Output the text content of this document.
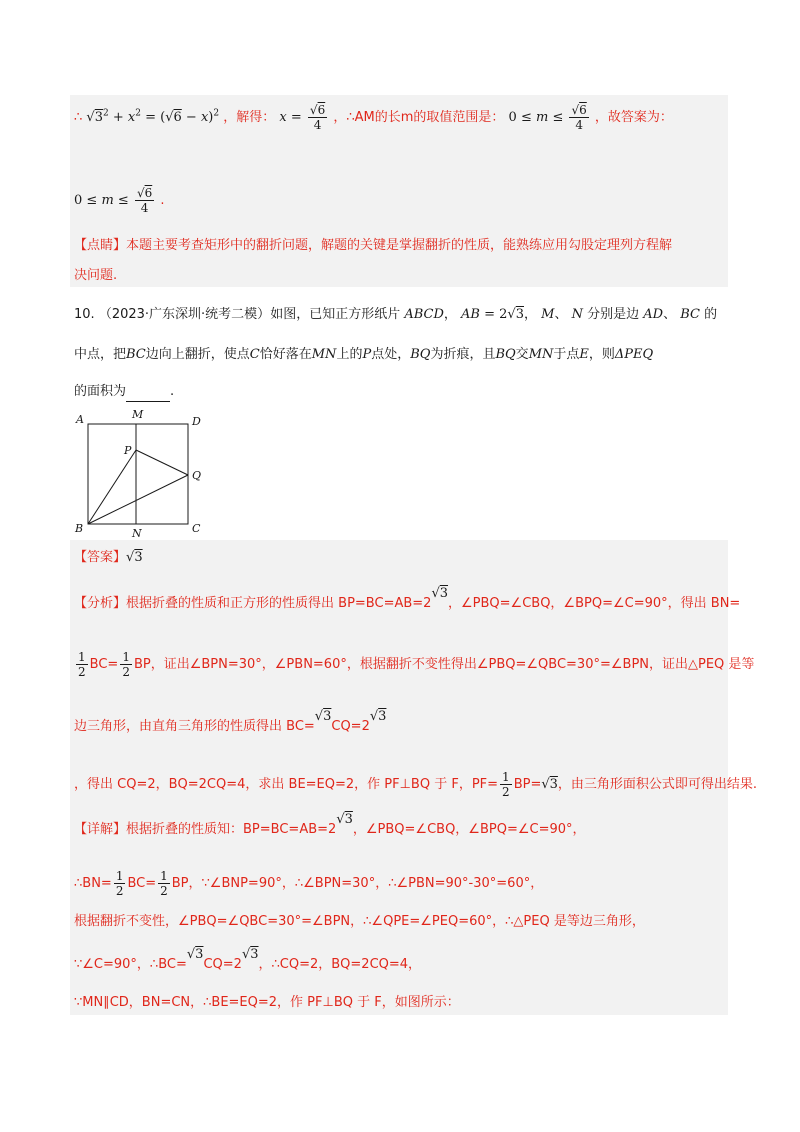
∴ $√3^2 + x^2 = (√6 - x)^2$ ，解得： $x = \frac{√6}{4}$ ，∴AM的长m的取值范围是： $0 \le m \le \frac{√6}{4}$ ，故答案为：
$0 \le m \le \frac{√6}{4}$ .
【点睛】本题主要考查矩形中的翻折问题，解题的关键是掌握翻折的性质，能熟练应用勾股定理列方程解
决问题.
10. （2023·广东深圳·统考二模）如图，已知正方形纸片 ABCD， AB = 2√3， M、 N 分别是边 AD、 BC 的
中点，把BC边向上翻折，使点C恰好落在MN上的P点处，BQ为折痕，且BQ交MN于点E，则ΔPEQ
的面积为	.
A	M
D
P
Q
B	N	C
【答案】√3
【分析】根据折叠的性质和正方形的性质得出 BP=BC=AB=2√3，∠PBQ=∠CBQ，∠BPQ=∠C=90°，得出 BN=
$\frac{1}{2} BC= \frac{1}{2}$ BP，证出∠BPN=30°，∠PBN=60°，根据翻折不变性得出∠PBQ=∠QBC=30°=∠BPN，证出△PEQ 是等
边三角形，由直角三角形的性质得出 BC=√3CQ=2√3
，得出 CQ=2，BQ=2CQ=4，求出 BE=EQ=2，作 PF⊥BQ 于 F，$PF= \frac{1}{2} BP=√3$，由三角形面积公式即可得出结果.
【详解】根据折叠的性质知：BP=BC=AB=2√3，∠PBQ=∠CBQ，∠BPQ=∠C=90°，
∴BN= $\frac{1}{2} BC= \frac{1}{2}$ BP，∵∠BNP=90°，∴∠BPN=30°，∴∠PBN=90°-30°=60°，
根据翻折不变性，∠PBQ=∠QBC=30°=∠BPN，∴∠QPE=∠PEQ=60°，∴△PEQ 是等边三角形，
∵∠C=90°，∴BC=√3CQ=2√3，∴CQ=2，BQ=2CQ=4，
∵MN∥CD，BN=CN，∴BE=EQ=2，作 PF⊥BQ 于 F，如图所示：
